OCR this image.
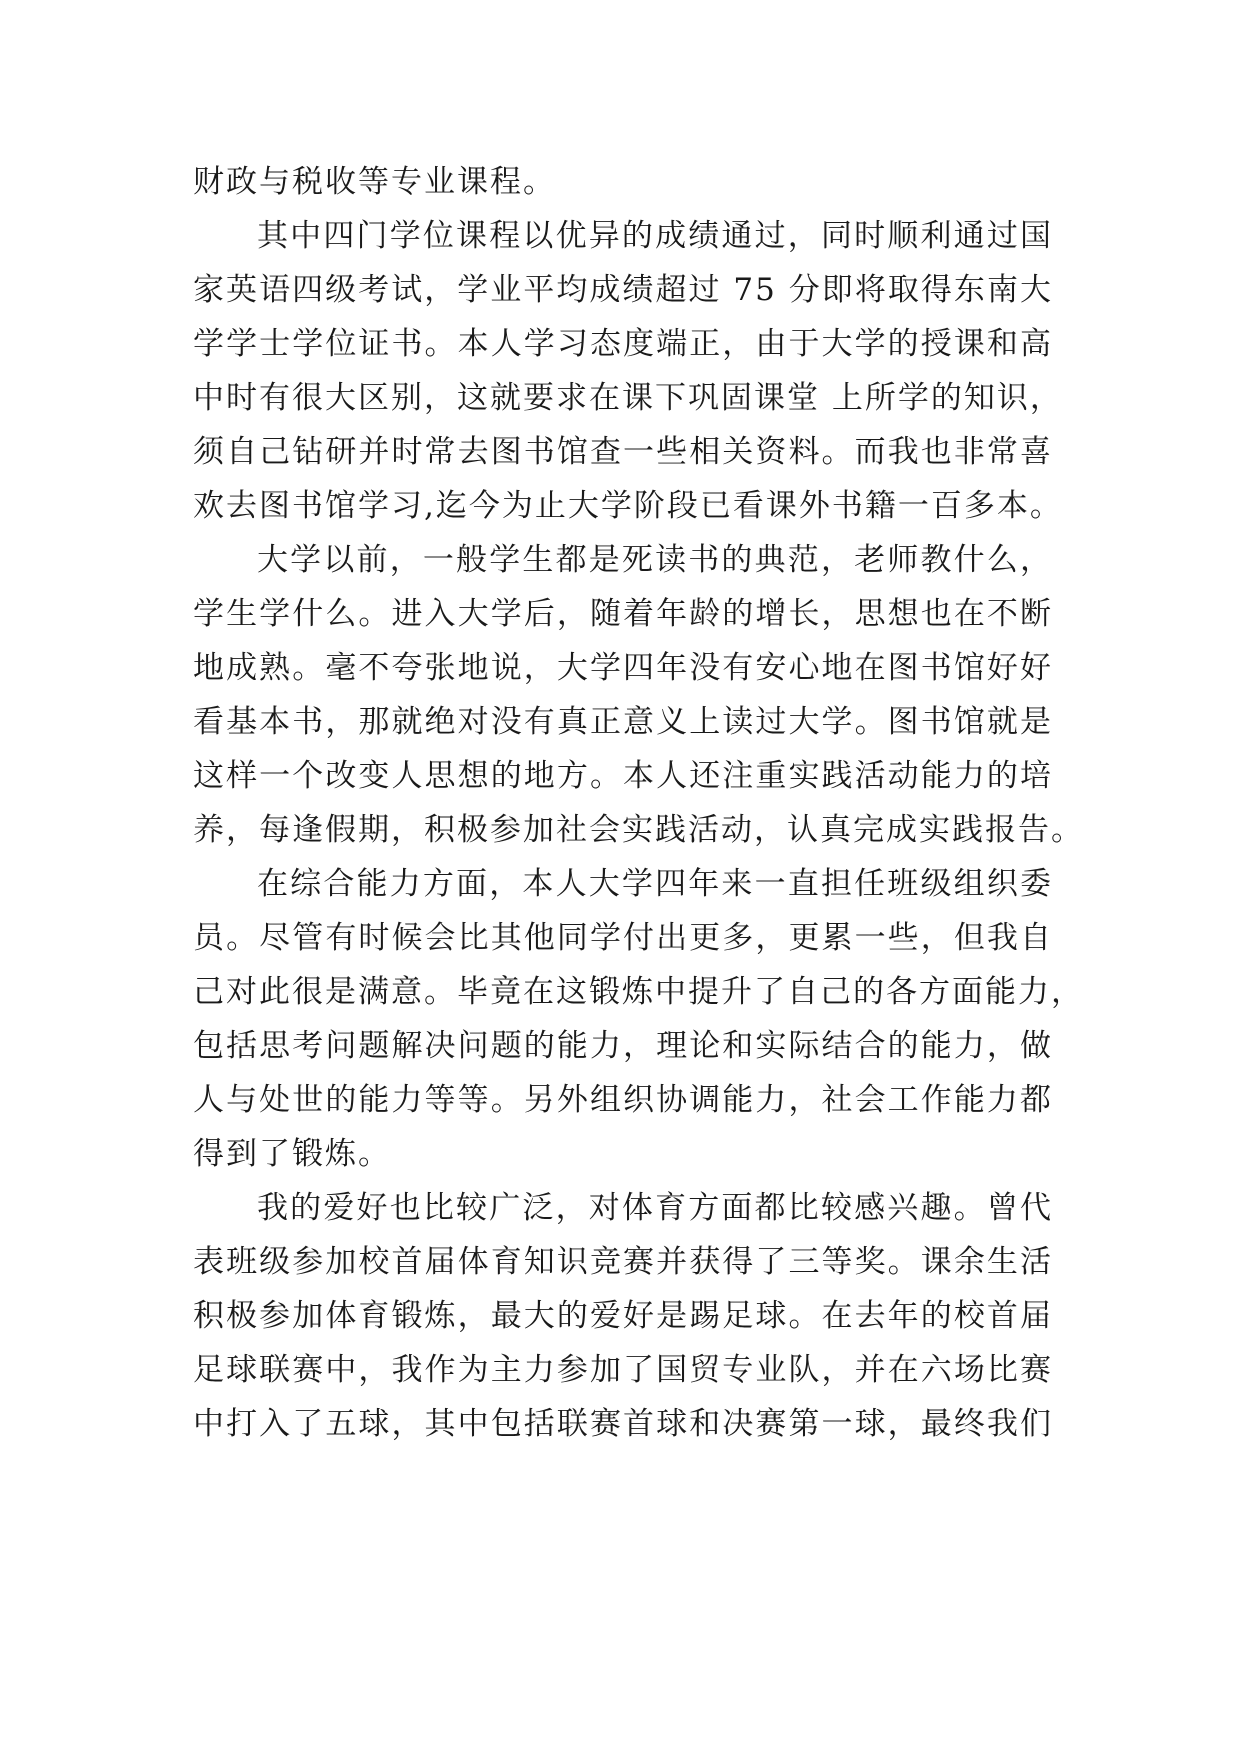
财政与税收等专业课程。
其中四门学位课程以优异的成绩通过，同时顺利通过国
家英语四级考试，学业平均成绩超过 75 分即将取得东南大
学学士学位证书。本人学习态度端正，由于大学的授课和高
中时有很大区别，这就要求在课下巩固课堂 上所学的知识，
须自己钻研并时常去图书馆查一些相关资料。而我也非常喜
欢去图书馆学习,迄今为止大学阶段已看课外书籍一百多本。
大学以前，一般学生都是死读书的典范，老师教什么，
学生学什么。进入大学后，随着年龄的增长，思想也在不断
地成熟。毫不夸张地说，大学四年没有安心地在图书馆好好
看基本书，那就绝对没有真正意义上读过大学。图书馆就是
这样一个改变人思想的地方。本人还注重实践活动能力的培
养，每逢假期，积极参加社会实践活动，认真完成实践报告。
在综合能力方面，本人大学四年来一直担任班级组织委
员。尽管有时候会比其他同学付出更多，更累一些，但我自
己对此很是满意。毕竟在这锻炼中提升了自己的各方面能力，
包括思考问题解决问题的能力，理论和实际结合的能力，做
人与处世的能力等等。另外组织协调能力，社会工作能力都
得到了锻炼。
我的爱好也比较广泛，对体育方面都比较感兴趣。曾代
表班级参加校首届体育知识竞赛并获得了三等奖。课余生活
积极参加体育锻炼，最大的爱好是踢足球。在去年的校首届
足球联赛中，我作为主力参加了国贸专业队，并在六场比赛
中打入了五球，其中包括联赛首球和决赛第一球，最终我们
